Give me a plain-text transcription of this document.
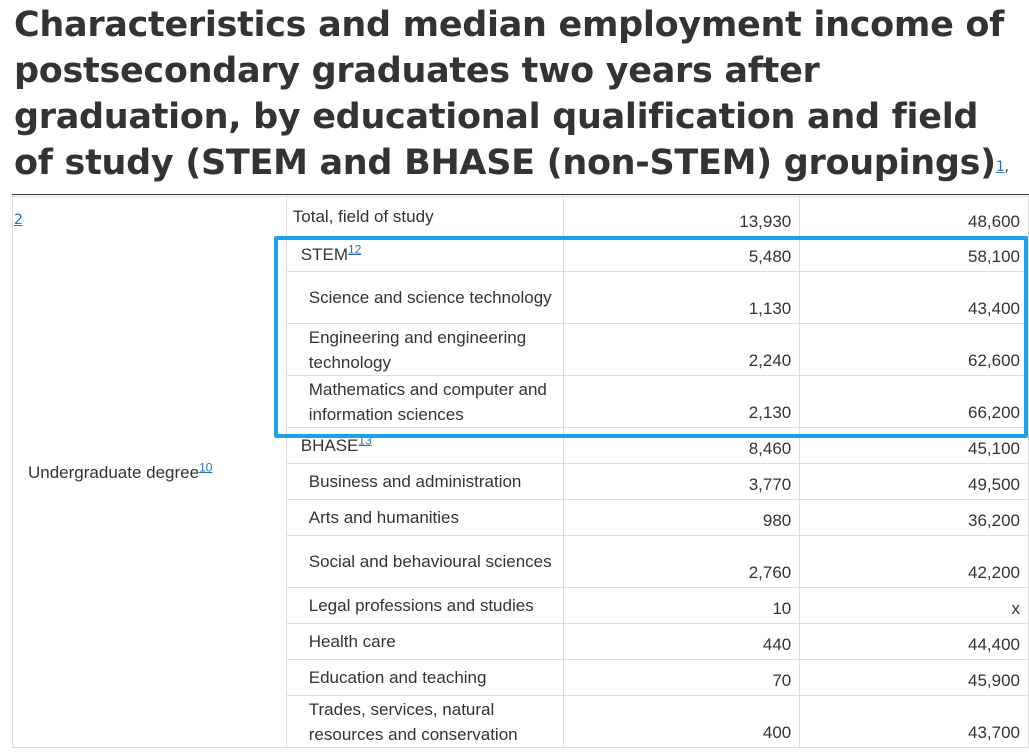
Characteristics and median employment income of postsecondary graduates two years after graduation, by educational qualification and field of study (STEM and BHASE (non-STEM) groupings)$^{1, 2}$
Undergraduate degree$^{10}$	Total, field of study	13,930	48,600
	STEM$^{12}$	5,480	58,100
	Science and science technology	1,130	43,400
	Engineering and engineering technology	2,240	62,600
	Mathematics and computer and information sciences	2,130	66,200
	BHASE$^{13}$	8,460	45,100
	Business and administration	3,770	49,500
	Arts and humanities	980	36,200
	Social and behavioural sciences	2,760	42,200
	Legal professions and studies	10	x
	Health care	440	44,400
	Education and teaching	70	45,900
	Trades, services, natural resources and conservation	400	43,700
